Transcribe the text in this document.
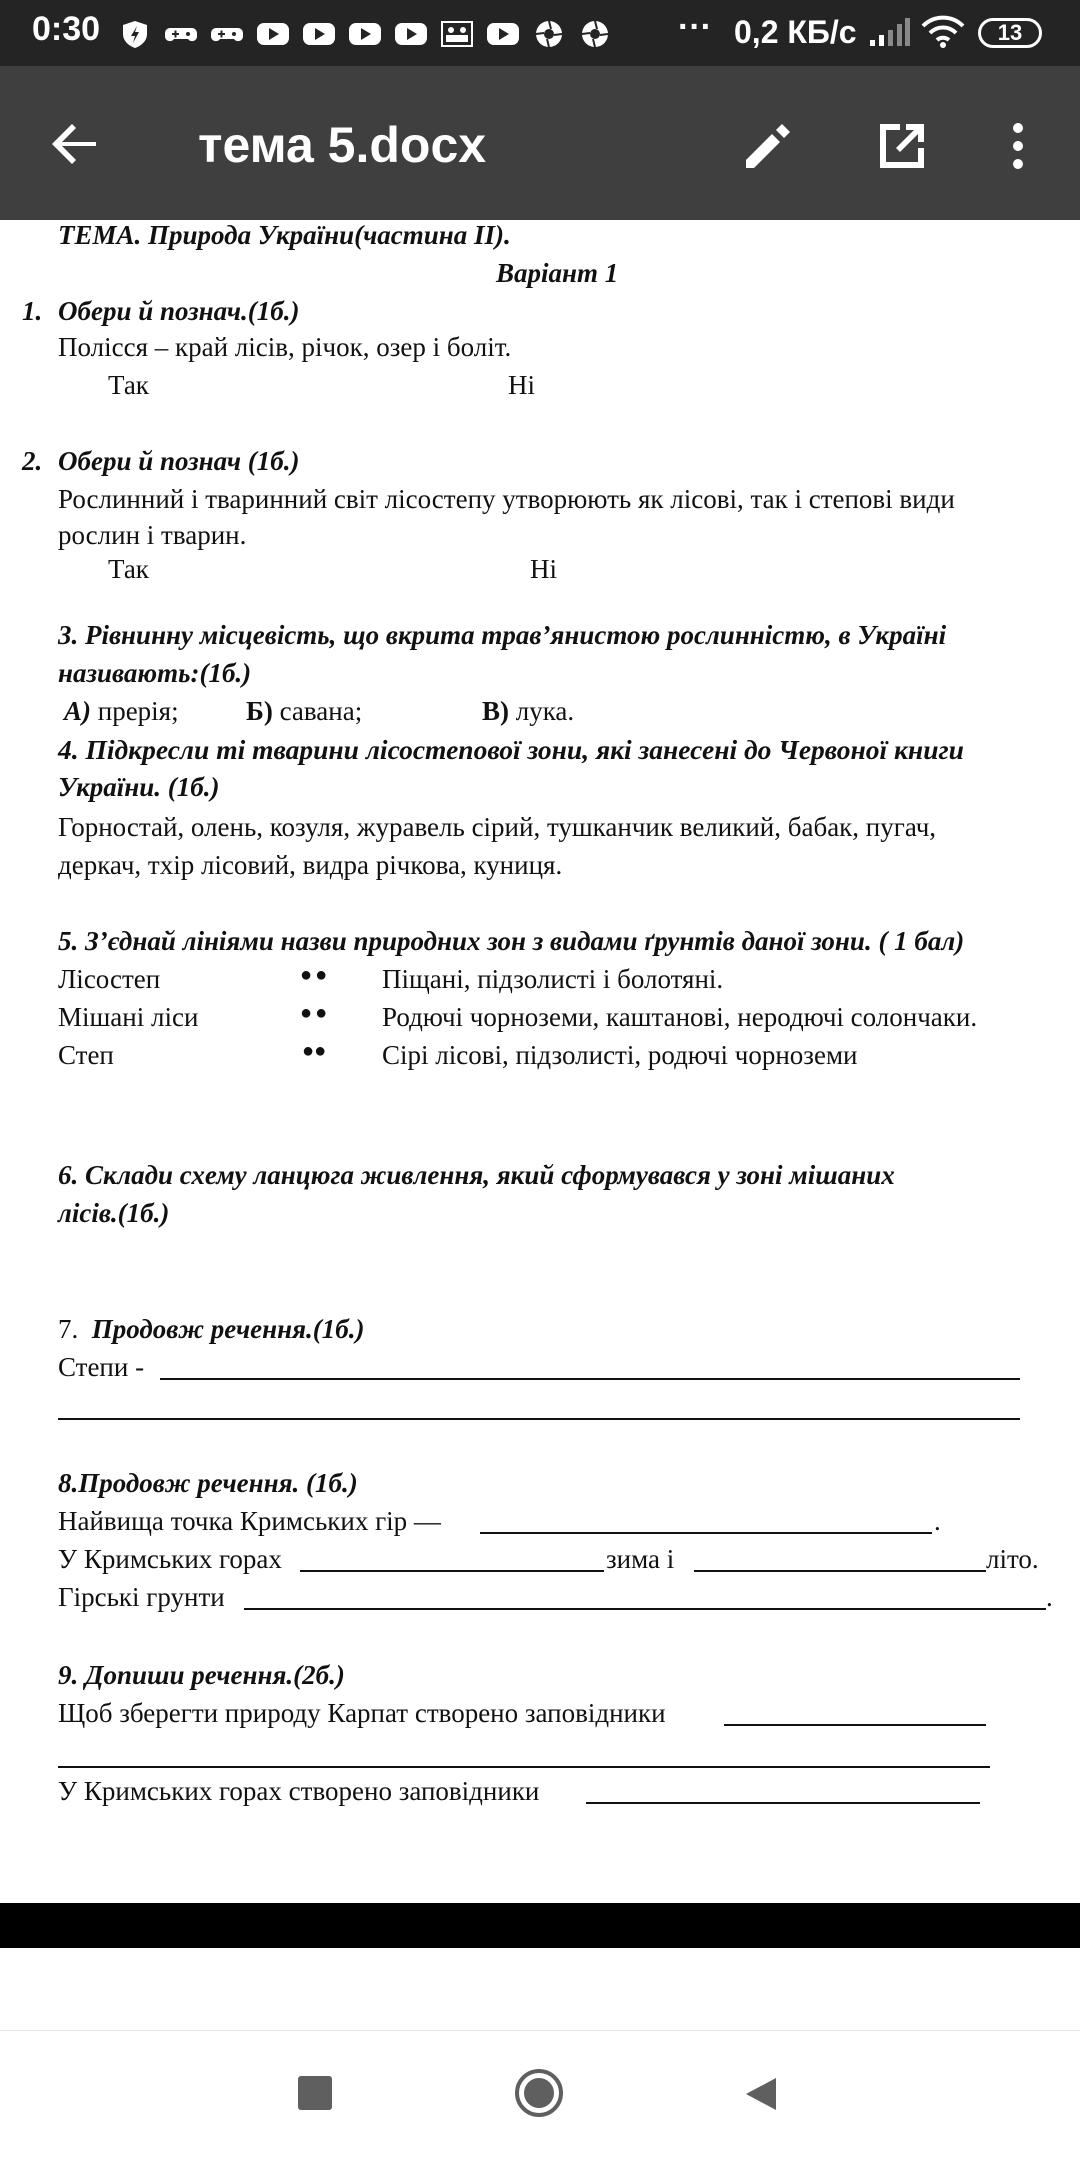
0:30	··· 0,2 КБ/с	13
тема 5.docx
ТЕМА. Природа України(частина ІІ).
Варіант 1
1. Обери й познач.(1б.)
Полісся – край лісів, річок, озер і боліт.
Так	Ні
2. Обери й познач (1б.)
Рослинний і тваринний світ лісостепу утворюють як лісові, так і степові види
рослин і тварин.
Так	Ні
3. Рівнинну місцевість, що вкрита трав’янистою рослинністю, в Україні
називають:(1б.)
А) прерія; Б) савана;	В) лука.
4. Підкресли ті тварини лісостепової зони, які занесені до Червоної книги
України. (1б.)
Горностай, олень, козуля, журавель сірий, тушканчик великий, бабак, пугач,
деркач, тхір лісовий, видра річкова, куниця.
5. З’єднай лініями назви природних зон з видами ґрунтів даної зони. ( 1 бал)
Лісостеп	●● Піщані, підзолисті і болотяні.
Мішані ліси	●● Родючі чорноземи, каштанові, неродючі солончаки.
Степ	●● Сірі лісові, підзолисті, родючі чорноземи
6. Склади схему ланцюга живлення, який сформувався у зоні мішаних
лісів.(1б.)
7. Продовж речення.(1б.)
Степи -
8.Продовж речення. (1б.)
Найвища точка Кримських гір —	.
У Кримських горах	зима і	літо.
Гірські грунти	.
9. Допиши речення.(2б.)
Щоб зберегти природу Карпат створено заповідники
У Кримських горах створено заповідники
